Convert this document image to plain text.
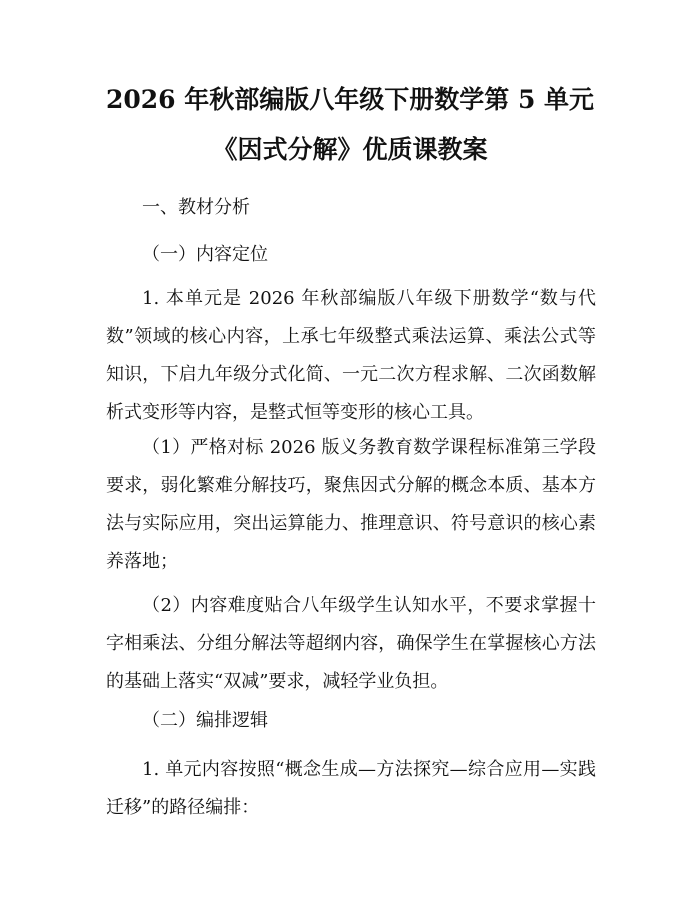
2026 年秋部编版八年级下册数学第 5 单元
《因式分解》优质课教案

一、教材分析

（一）内容定位

1. 本单元是 2026 年秋部编版八年级下册数学“数与代数”领域的核心内容，上承七年级整式乘法运算、乘法公式等知识，下启九年级分式化简、一元二次方程求解、二次函数解析式变形等内容，是整式恒等变形的核心工具。

（1）严格对标 2026 版义务教育数学课程标准第三学段要求，弱化繁难分解技巧，聚焦因式分解的概念本质、基本方法与实际应用，突出运算能力、推理意识、符号意识的核心素养落地；

（2）内容难度贴合八年级学生认知水平，不要求掌握十字相乘法、分组分解法等超纲内容，确保学生在掌握核心方法的基础上落实“双减”要求，减轻学业负担。

（二）编排逻辑

1. 单元内容按照“概念生成—方法探究—综合应用—实践迁移”的路径编排：
